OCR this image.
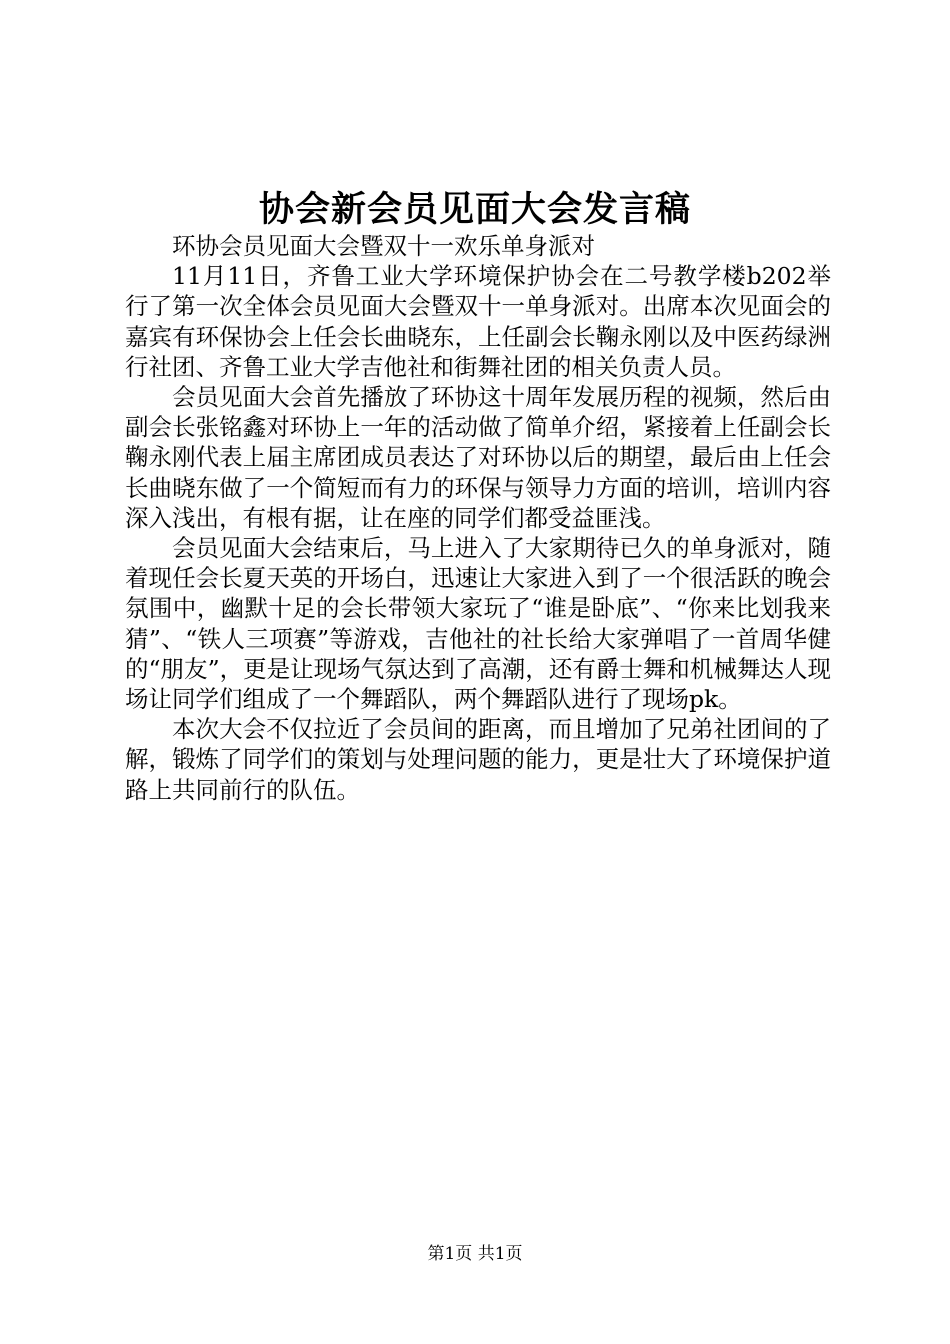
协会新会员见面大会发言稿

环协会员见面大会暨双十一欢乐单身派对

11月11日，齐鲁工业大学环境保护协会在二号教学楼b202举行了第一次全体会员见面大会暨双十一单身派对。出席本次见面会的嘉宾有环保协会上任会长曲晓东，上任副会长鞠永刚以及中医药绿洲行社团、齐鲁工业大学吉他社和街舞社团的相关负责人员。

会员见面大会首先播放了环协这十周年发展历程的视频，然后由副会长张铭鑫对环协上一年的活动做了简单介绍，紧接着上任副会长鞠永刚代表上届主席团成员表达了对环协以后的期望，最后由上任会长曲晓东做了一个简短而有力的环保与领导力方面的培训，培训内容深入浅出，有根有据，让在座的同学们都受益匪浅。

会员见面大会结束后，马上进入了大家期待已久的单身派对，随着现任会长夏天英的开场白，迅速让大家进入到了一个很活跃的晚会氛围中，幽默十足的会长带领大家玩了“谁是卧底”、“你来比划我来猜”、“铁人三项赛”等游戏，吉他社的社长给大家弹唱了一首周华健的“朋友”，更是让现场气氛达到了高潮，还有爵士舞和机械舞达人现场让同学们组成了一个舞蹈队，两个舞蹈队进行了现场pk。

本次大会不仅拉近了会员间的距离，而且增加了兄弟社团间的了解，锻炼了同学们的策划与处理问题的能力，更是壮大了环境保护道路上共同前行的队伍。

第1页 共1页
